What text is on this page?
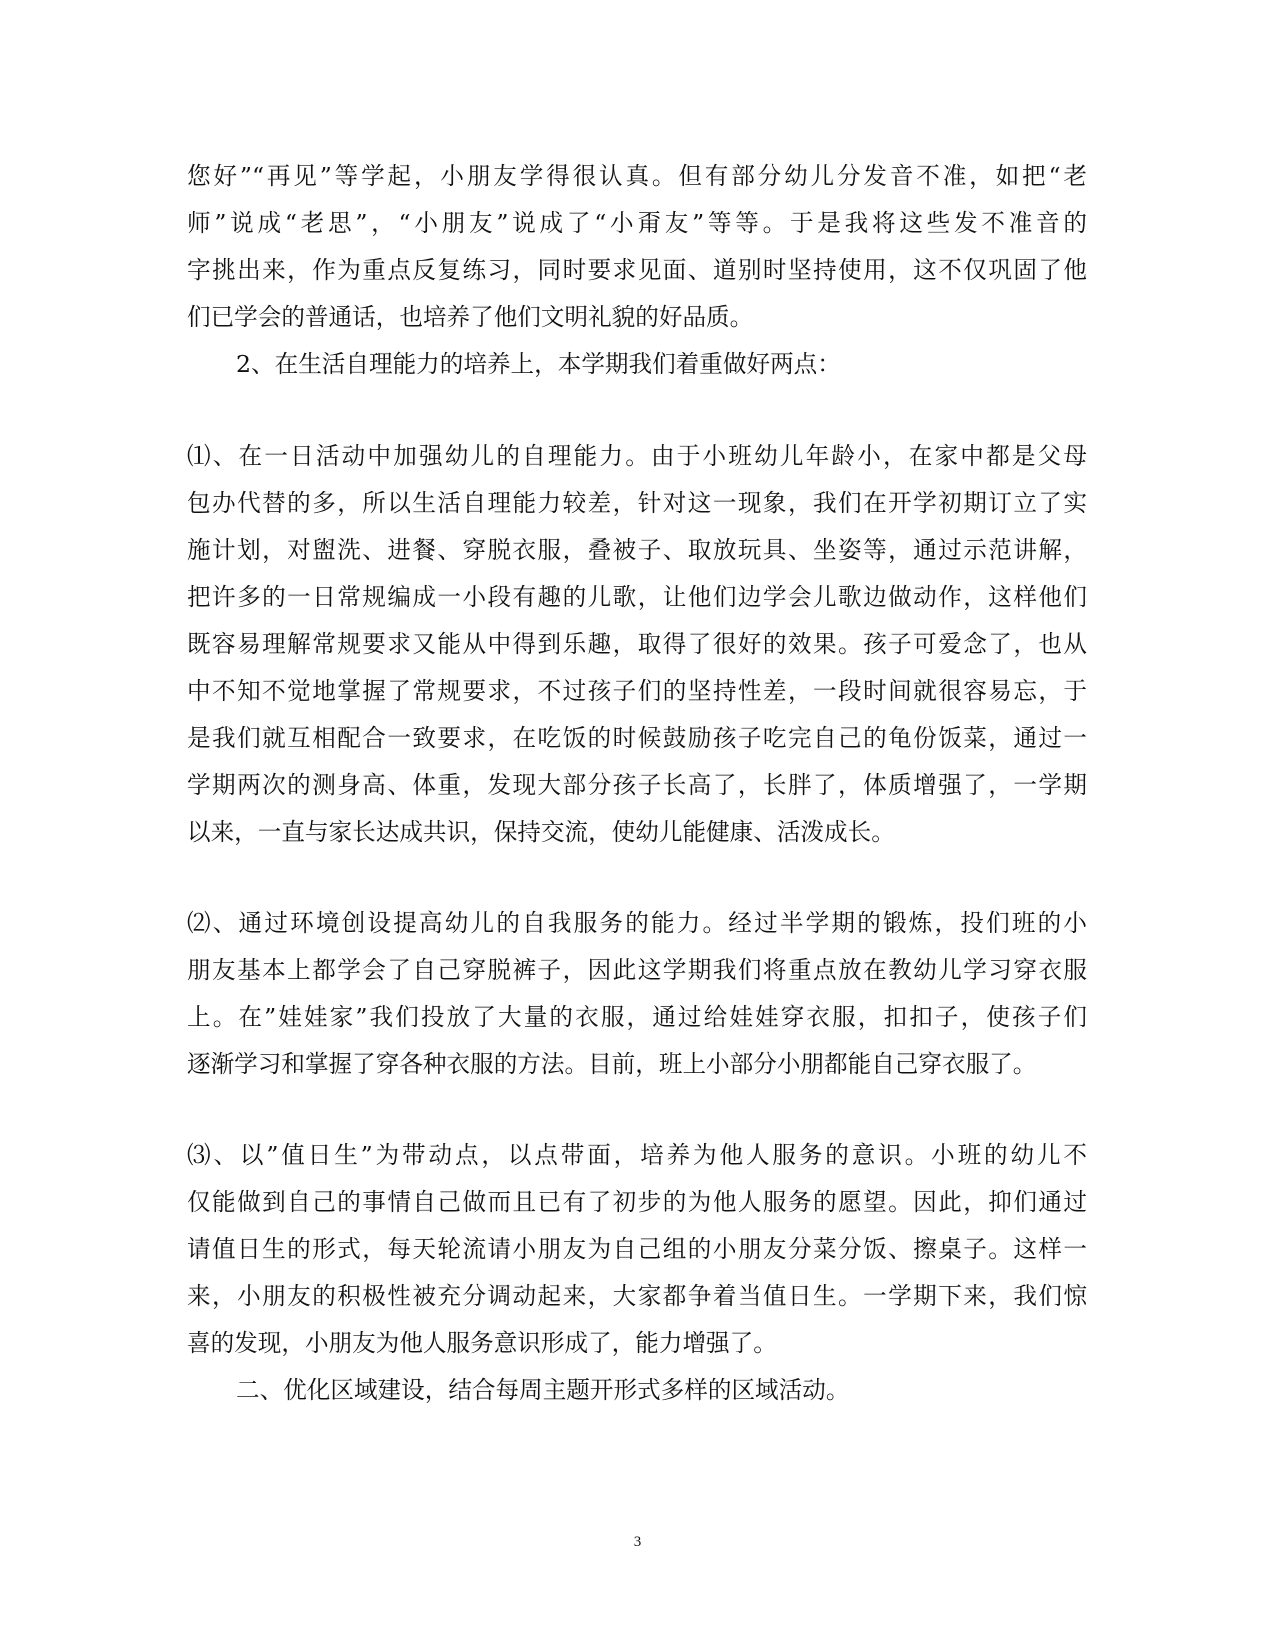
您好”“再见”等学起，小朋友学得很认真。但有部分幼儿分发音不准，如把“老
师”说成“老思”，“小朋友”说成了“小甭友”等等。于是我将这些发不准音的
字挑出来，作为重点反复练习，同时要求见面、道别时坚持使用，这不仅巩固了他
们已学会的普通话，也培养了他们文明礼貌的好品质。
2、在生活自理能力的培养上，本学期我们着重做好两点：
⑴、在一日活动中加强幼儿的自理能力。由于小班幼儿年龄小，在家中都是父母
包办代替的多，所以生活自理能力较差，针对这一现象，我们在开学初期订立了实
施计划，对盥洗、进餐、穿脱衣服，叠被子、取放玩具、坐姿等，通过示范讲解，
把许多的一日常规编成一小段有趣的儿歌，让他们边学会儿歌边做动作，这样他们
既容易理解常规要求又能从中得到乐趣，取得了很好的效果。孩子可爱念了，也从
中不知不觉地掌握了常规要求，不过孩子们的坚持性差，一段时间就很容易忘，于
是我们就互相配合一致要求，在吃饭的时候鼓励孩子吃完自己的龟份饭菜，通过一
学期两次的测身高、体重，发现大部分孩子长高了，长胖了，体质增强了，一学期
以来，一直与家长达成共识，保持交流，使幼儿能健康、活泼成长。
⑵、通过环境创设提高幼儿的自我服务的能力。经过半学期的锻炼，投们班的小
朋友基本上都学会了自己穿脱裤子，因此这学期我们将重点放在教幼儿学习穿衣服
上。在”娃娃家”我们投放了大量的衣服，通过给娃娃穿衣服，扣扣子，使孩子们
逐渐学习和掌握了穿各种衣服的方法。目前，班上小部分小朋都能自己穿衣服了。
⑶、以”值日生”为带动点，以点带面，培养为他人服务的意识。小班的幼儿不
仅能做到自己的事情自己做而且已有了初步的为他人服务的愿望。因此，抑们通过
请值日生的形式，每天轮流请小朋友为自己组的小朋友分菜分饭、擦桌子。这样一
来，小朋友的积极性被充分调动起来，大家都争着当值日生。一学期下来，我们惊
喜的发现，小朋友为他人服务意识形成了，能力增强了。
二、优化区域建设，结合每周主题开形式多样的区域活动。
3
